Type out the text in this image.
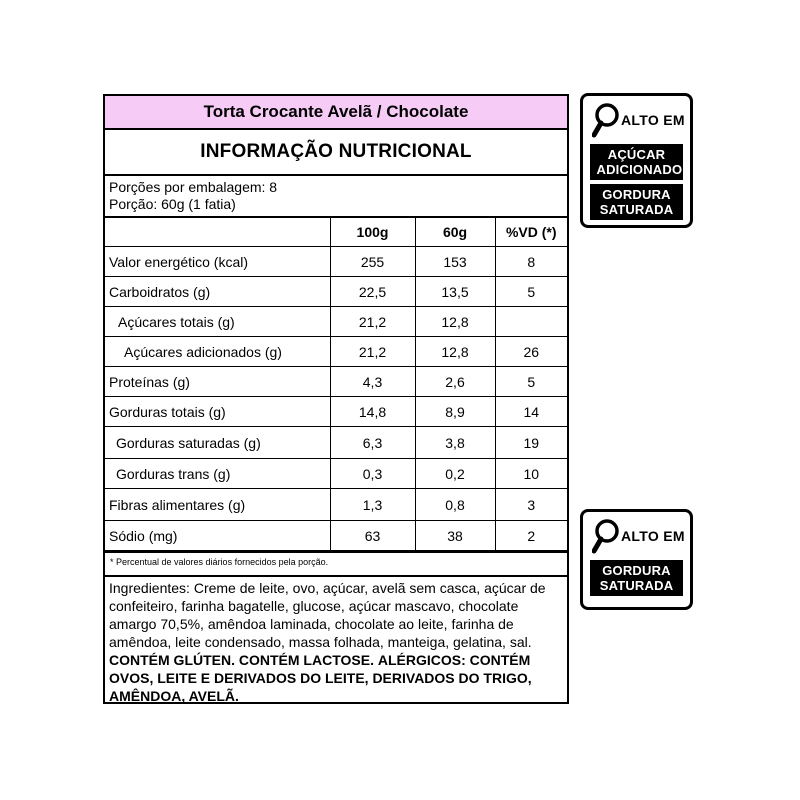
Torta Crocante Avelã / Chocolate
INFORMAÇÃO NUTRICIONAL
Porções por embalagem: 8
Porção: 60g (1 fatia)
	100g	60g	%VD (*)
Valor energético (kcal)	255	153	8
Carboidratos (g)	22,5	13,5	5
Açúcares totais (g)	21,2	12,8	
Açúcares adicionados (g)	21,2	12,8	26
Proteínas (g)	4,3	2,6	5
Gorduras totais (g)	14,8	8,9	14
Gorduras saturadas (g)	6,3	3,8	19
Gorduras trans (g)	0,3	0,2	10
Fibras alimentares (g)	1,3	0,8	3
Sódio (mg)	63	38	2
* Percentual de valores diários fornecidos pela porção.
Ingredientes: Creme de leite, ovo, açúcar, avelã sem casca, açúcar de confeiteiro, farinha bagatelle, glucose, açúcar mascavo, chocolate amargo 70,5%, amêndoa laminada, chocolate ao leite, farinha de amêndoa, leite condensado, massa folhada, manteiga, gelatina, sal. CONTÉM GLÚTEN. CONTÉM LACTOSE. ALÉRGICOS: CONTÉM OVOS, LEITE E DERIVADOS DO LEITE, DERIVADOS DO TRIGO, AMÊNDOA, AVELÃ.
ALTO EM
AÇÚCAR ADICIONADO
GORDURA SATURADA
ALTO EM
GORDURA SATURADA
